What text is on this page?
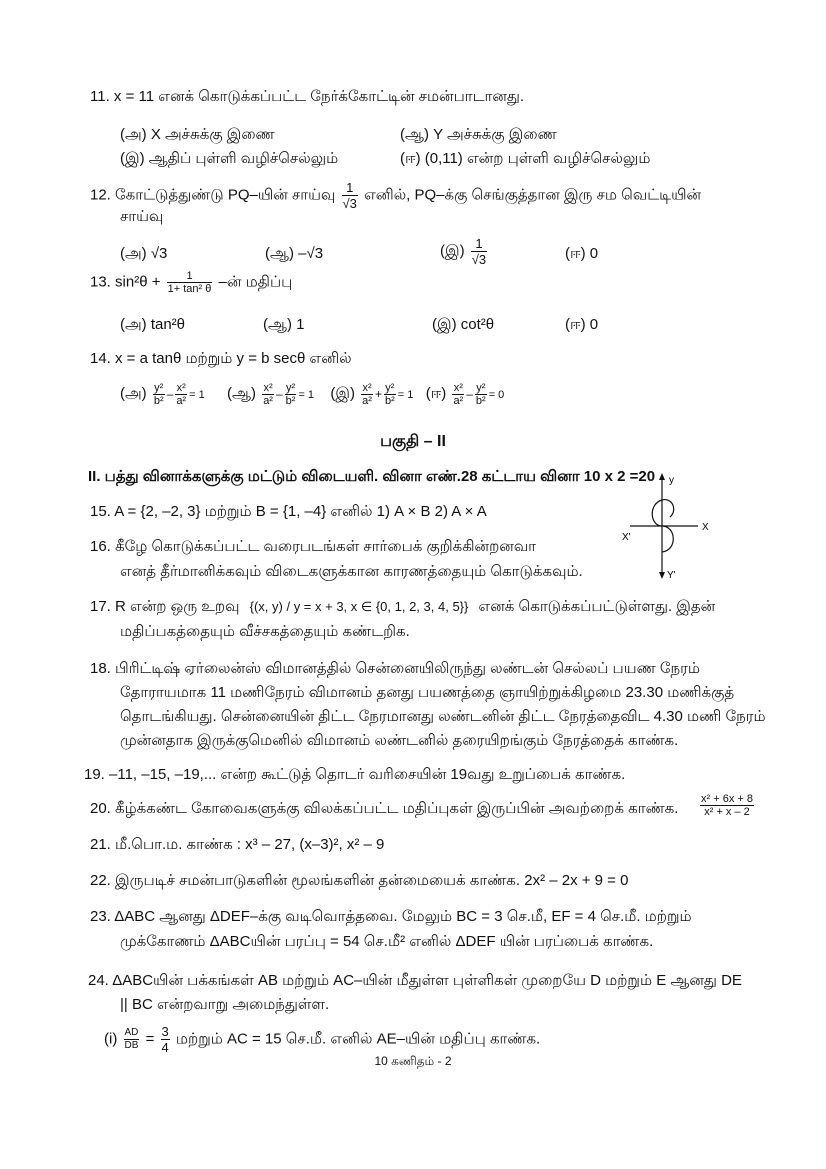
11. x = 11 எனக் கொடுக்கப்பட்ட நேர்க்கோட்டின் சமன்பாடானது.
(அ) X அச்சுக்கு இணை	(ஆ) Y அச்சுக்கு இணை
(இ) ஆதிப் புள்ளி வழிச்செல்லும்	(ஈ) (0,11) என்ற புள்ளி வழிச்செல்லும்
12. கோட்டுத்துண்டு PQ–யின் சாய்வு $\frac{1}{√3}$ எனில், PQ–க்கு செங்குத்தான இரு சம வெட்டியின்
சாய்வு
(அ) √3	(ஆ) –√3	(இ) $\frac{1}{√3}$	(ஈ) 0
13. $\sin^2\theta + \frac{1}{\text{1+ tan² θ}}$ –ன் மதிப்பு
(அ) tan²θ	(ஆ) 1	(இ) cot²θ	(ஈ) 0
14. x = a tanθ மற்றும் y = b secθ எனில்
(அ) $\frac{\text{y²}}{\text{b²}} - \frac{\text{x²}}{\text{a²}} = 1$ (ஆ) $\frac{\text{x²}}{\text{a²}} - \frac{\text{y²}}{\text{b²}} = 1$ (இ) $\frac{\text{x²}}{\text{a²}} + \frac{\text{y²}}{\text{b²}} = 1$ (ஈ) $\frac{\text{x²}}{\text{a²}} - \frac{\text{y²}}{\text{b²}} = 0$
பகுதி – II
II. பத்து வினாக்களுக்கு மட்டும் விடையளி. வினா எண்.28 கட்டாய வினா 10 x 2 =20
15. A = {2, –2, 3} மற்றும் B = {1, –4} எனில் 1) A × B 2) A × A
16. கீழே கொடுக்கப்பட்ட வரைபடங்கள் சார்பைக் குறிக்கின்றனவா
எனத் தீர்மானிக்கவும் விடைகளுக்கான காரணத்தையும் கொடுக்கவும்.
y
X
X'
Y'
17. R என்ற ஒரு உறவு {(x, y) / y = x + 3, x ∈ {0, 1, 2, 3, 4, 5}} எனக் கொடுக்கப்பட்டுள்ளது. இதன்
மதிப்பகத்தையும் வீச்சகத்தையும் கண்டறிக.
18. பிரிட்டிஷ் ஏர்லைன்ஸ் விமானத்தில் சென்னையிலிருந்து லண்டன் செல்லப் பயண நேரம்
தோராயமாக 11 மணிநேரம் விமானம் தனது பயணத்தை ஞாயிற்றுக்கிழமை 23.30 மணிக்குத்
தொடங்கியது. சென்னையின் திட்ட நேரமானது லண்டனின் திட்ட நேரத்தைவிட 4.30 மணி நேரம்
முன்னதாக இருக்குமெனில் விமானம் லண்டனில் தரையிறங்கும் நேரத்தைக் காண்க.
19. –11, –15, –19,... என்ற கூட்டுத் தொடர் வரிசையின் 19வது உறுப்பைக் காண்க.
20. கீழ்க்கண்ட கோவைகளுக்கு விலக்கப்பட்ட மதிப்புகள் இருப்பின் அவற்றைக் காண்க. $\frac{\text{x² + 6x + 8}}{\text{x² + x – 2}}$
21. மீ.பொ.ம. காண்க : x³ – 27, (x–3)², x² – 9
22. இருபடிச் சமன்பாடுகளின் மூலங்களின் தன்மையைக் காண்க. 2x² – 2x + 9 = 0
23. ΔABC ஆனது ΔDEF–க்கு வடிவொத்தவை. மேலும் BC = 3 செ.மீ, EF = 4 செ.மீ. மற்றும்
முக்கோணம் ΔABCயின் பரப்பு = 54 செ.மீ² எனில் ΔDEF யின் பரப்பைக் காண்க.
24. ΔABCயின் பக்கங்கள் AB மற்றும் AC–யின் மீதுள்ள புள்ளிகள் முறையே D மற்றும் E ஆனது DE
|| BC என்றவாறு அமைந்துள்ள.
$(i) \frac{AD}{DB} = \frac{3}{4}$ மற்றும் AC = 15 செ.மீ. எனில் AE–யின் மதிப்பு காண்க.
10 கணிதம் - 2
